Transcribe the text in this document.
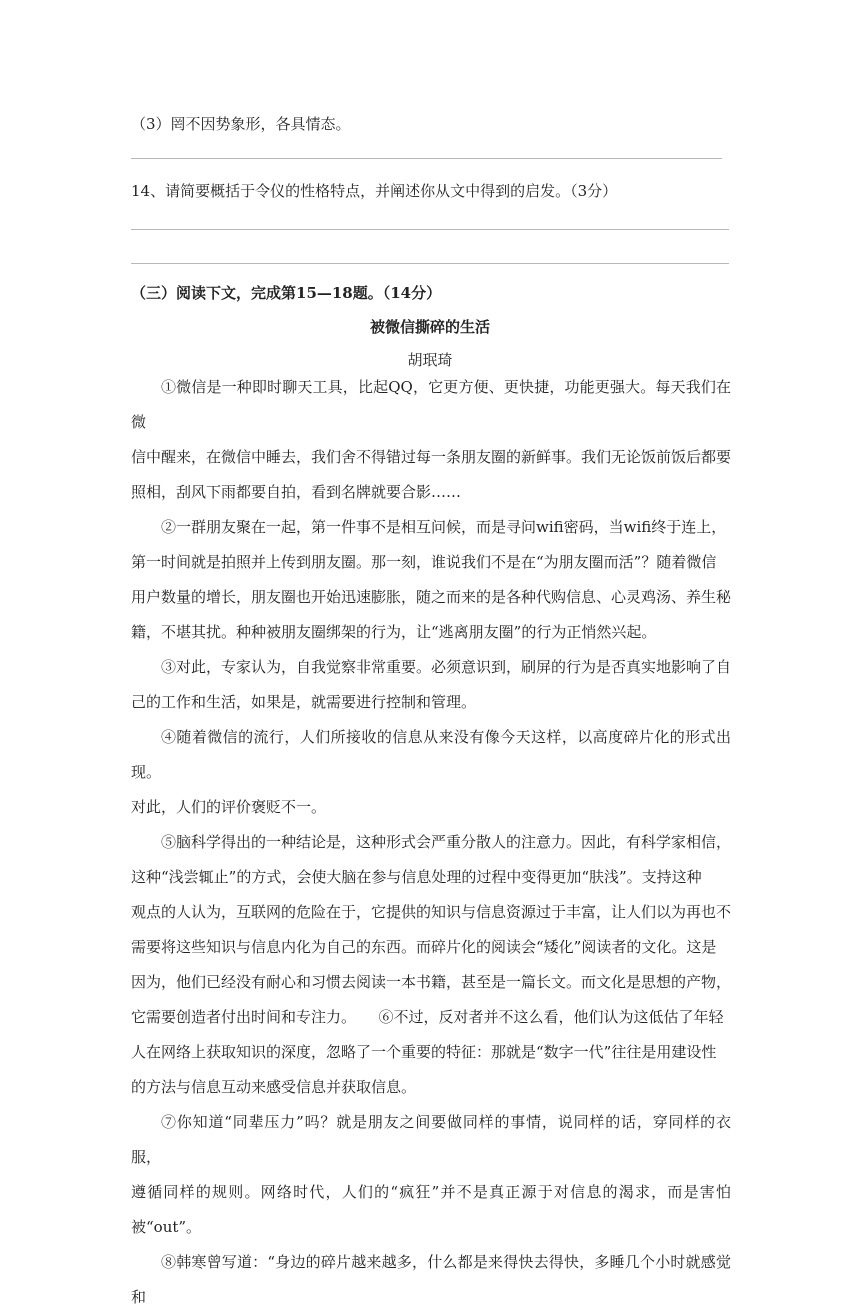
（3）罔不因势象形，各具情态。
14、请简要概括于令仪的性格特点，并阐述你从文中得到的启发。（3分）
（三）阅读下文，完成第15—18题。（14分）
被微信撕碎的生活
胡珉琦

①微信是一种即时聊天工具，比起QQ，它更方便、更快捷，功能更强大。每天我们在微

信中醒来，在微信中睡去，我们舍不得错过每一条朋友圈的新鲜事。我们无论饭前饭后都要

照相，刮风下雨都要自拍，看到名牌就要合影……

②一群朋友聚在一起，第一件事不是相互问候，而是寻问wifi密码，当wifi终于连上，

第一时间就是拍照并上传到朋友圈。那一刻，谁说我们不是在“为朋友圈而活”？随着微信

用户数量的增长，朋友圈也开始迅速膨胀，随之而来的是各种代购信息、心灵鸡汤、养生秘

籍，不堪其扰。种种被朋友圈绑架的行为，让“逃离朋友圈”的行为正悄然兴起。

③对此，专家认为，自我觉察非常重要。必须意识到，刷屏的行为是否真实地影响了自

己的工作和生活，如果是，就需要进行控制和管理。

④随着微信的流行，人们所接收的信息从来没有像今天这样，以高度碎片化的形式出现。

对此，人们的评价褒贬不一。

⑤脑科学得出的一种结论是，这种形式会严重分散人的注意力。因此，有科学家相信，

这种“浅尝辄止”的方式，会使大脑在参与信息处理的过程中变得更加“肤浅”。支持这种

观点的人认为，互联网的危险在于，它提供的知识与信息资源过于丰富，让人们以为再也不

需要将这些知识与信息内化为自己的东西。而碎片化的阅读会“矮化”阅读者的文化。这是

因为，他们已经没有耐心和习惯去阅读一本书籍，甚至是一篇长文。而文化是思想的产物，

它需要创造者付出时间和专注力。　　⑥不过，反对者并不这么看，他们认为这低估了年轻

人在网络上获取知识的深度，忽略了一个重要的特征：那就是“数字一代”往往是用建设性

的方法与信息互动来感受信息并获取信息。

⑦你知道“同辈压力”吗？就是朋友之间要做同样的事情，说同样的话，穿同样的衣服，

遵循同样的规则。网络时代，人们的“疯狂”并不是真正源于对信息的渴求，而是害怕被“out”。

⑧韩寒曾写道：“身边的碎片越来越多，什么都是来得快去得快，多睡几个小时就感觉和
